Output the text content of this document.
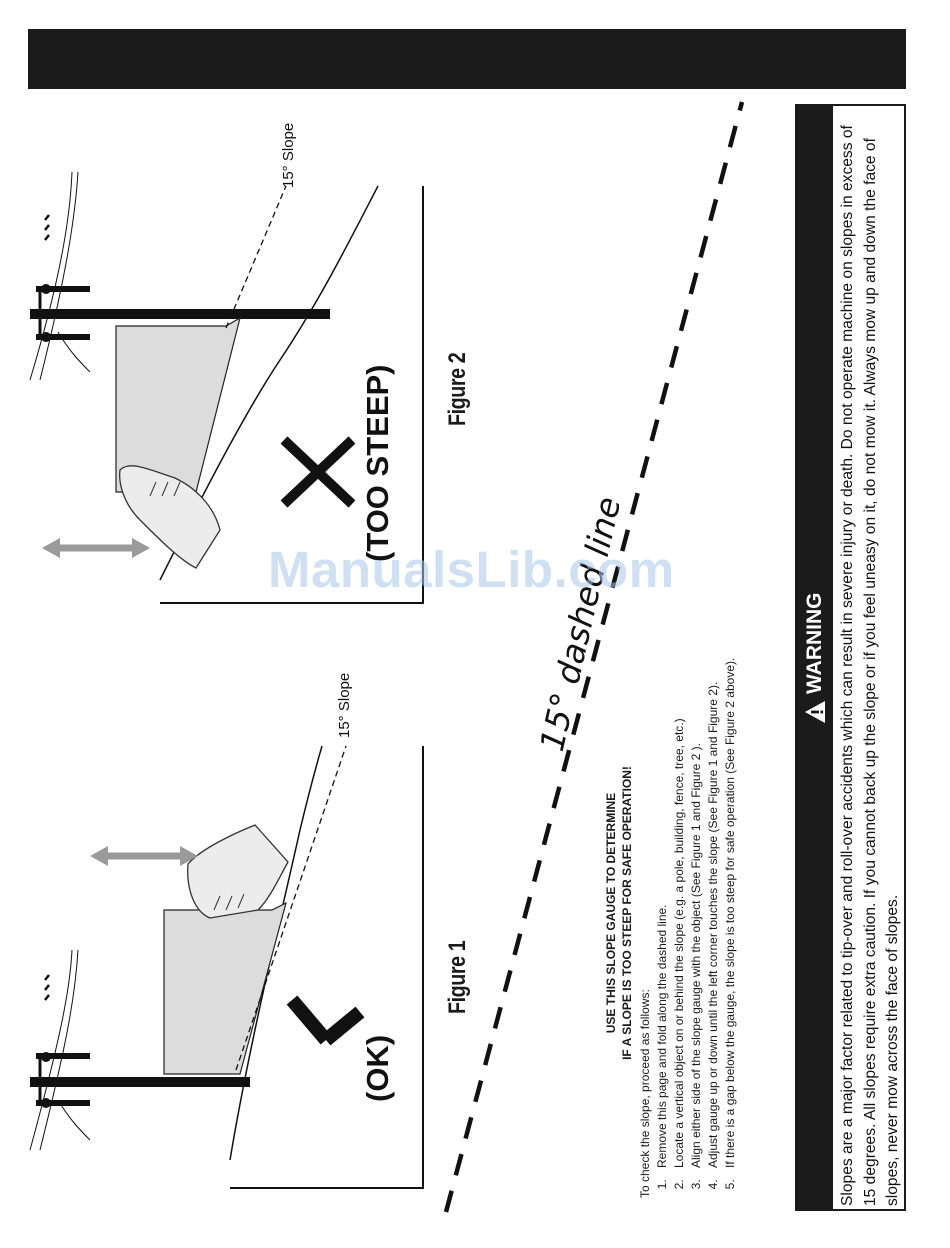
Figure 1
Figure 2
(OK)
(TOO STEEP)
15° Slope
15° Slope
15° dashed line
USE THIS SLOPE GAUGE TO DETERMINE IF A SLOPE IS TOO STEEP FOR SAFE OPERATION!
To check the slope, proceed as follows: 1. Remove this page and fold along the dashed line. 2. Locate a vertical object on or behind the slope (e.g. a pole, building, fence, tree, etc.) 3. Align either side of the slope gauge with the object (See Figure 1 and Figure 2 ). 4. Adjust gauge up or down until the left corner touches the slope (See Figure 1 and Figure 2). 5. If there is a gap below the gauge, the slope is too steep for safe operation (See Figure 2 above).
WARNING Slopes are a major factor related to tip-over and roll-over accidents which can result in severe injury or death. Do not operate machine on slopes in excess of 15 degrees. All slopes require extra caution. If you cannot back up the slope or if you feel uneasy on it, do not mow it. Always mow up and down the face of slopes, never mow across the face of slopes.
ManualsLib.com
